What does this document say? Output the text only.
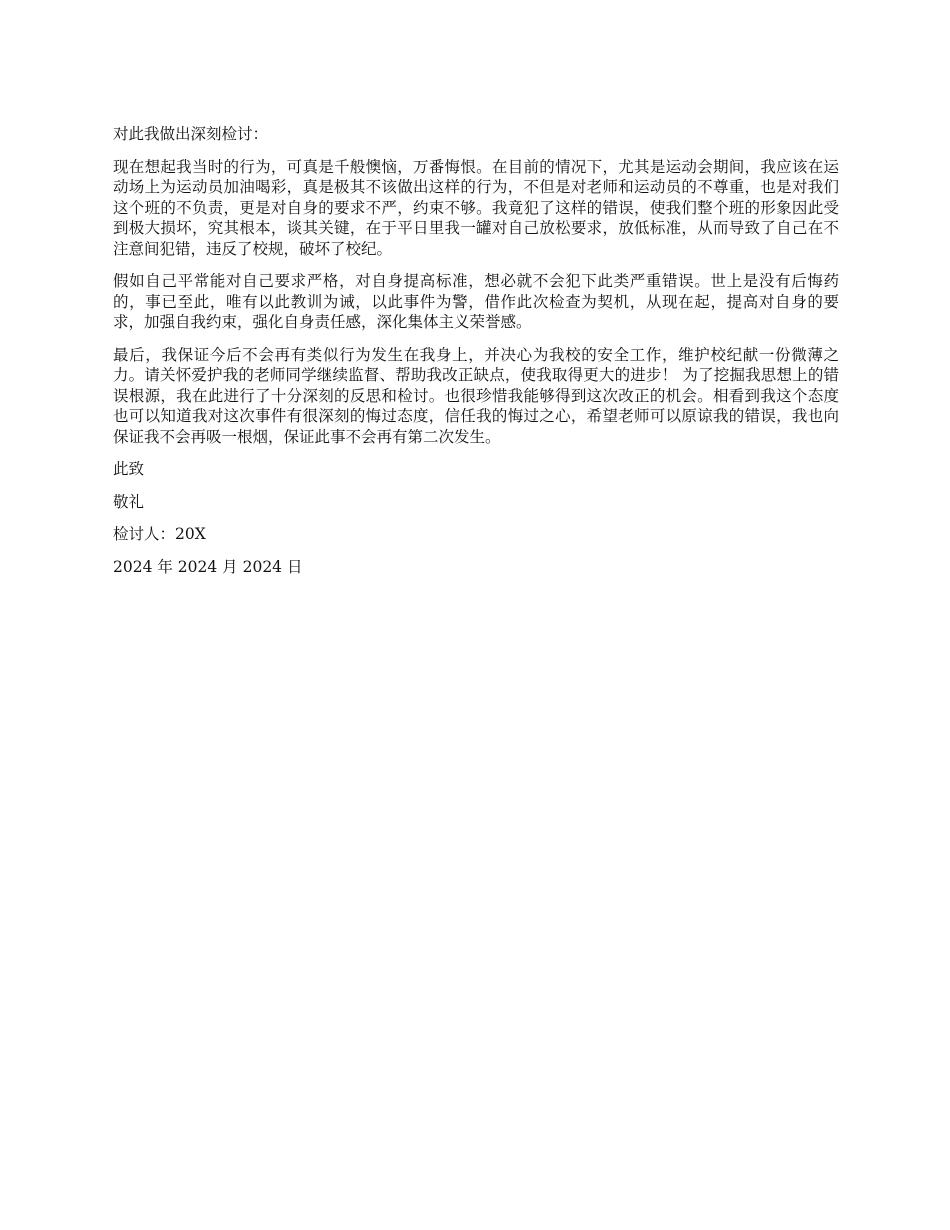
对此我做出深刻检讨：

现在想起我当时的行为，可真是千般懊恼，万番悔恨。在目前的情况下，尤其是运动会期间，我应该在运动场上为运动员加油喝彩，真是极其不该做出这样的行为，不但是对老师和运动员的不尊重，也是对我们这个班的不负责，更是对自身的要求不严，约束不够。我竟犯了这样的错误，使我们整个班的形象因此受到极大损坏，究其根本，谈其关键，在于平日里我一罐对自己放松要求，放低标准，从而导致了自己在不注意间犯错，违反了校规，破坏了校纪。

假如自己平常能对自己要求严格，对自身提高标准，想必就不会犯下此类严重错误。世上是没有后悔药的，事已至此，唯有以此教训为诫，以此事件为警，借作此次检查为契机，从现在起，提高对自身的要求，加强自我约束，强化自身责任感，深化集体主义荣誉感。

最后，我保证今后不会再有类似行为发生在我身上，并决心为我校的安全工作，维护校纪献一份微薄之力。请关怀爱护我的老师同学继续监督、帮助我改正缺点，使我取得更大的进步！ 为了挖掘我思想上的错误根源，我在此进行了十分深刻的反思和检讨。也很珍惜我能够得到这次改正的机会。相看到我这个态度也可以知道我对这次事件有很深刻的悔过态度，信任我的悔过之心，希望老师可以原谅我的错误，我也向保证我不会再吸一根烟，保证此事不会再有第二次发生。

此致

敬礼

检讨人：20X

2024 年 2024 月 2024 日
